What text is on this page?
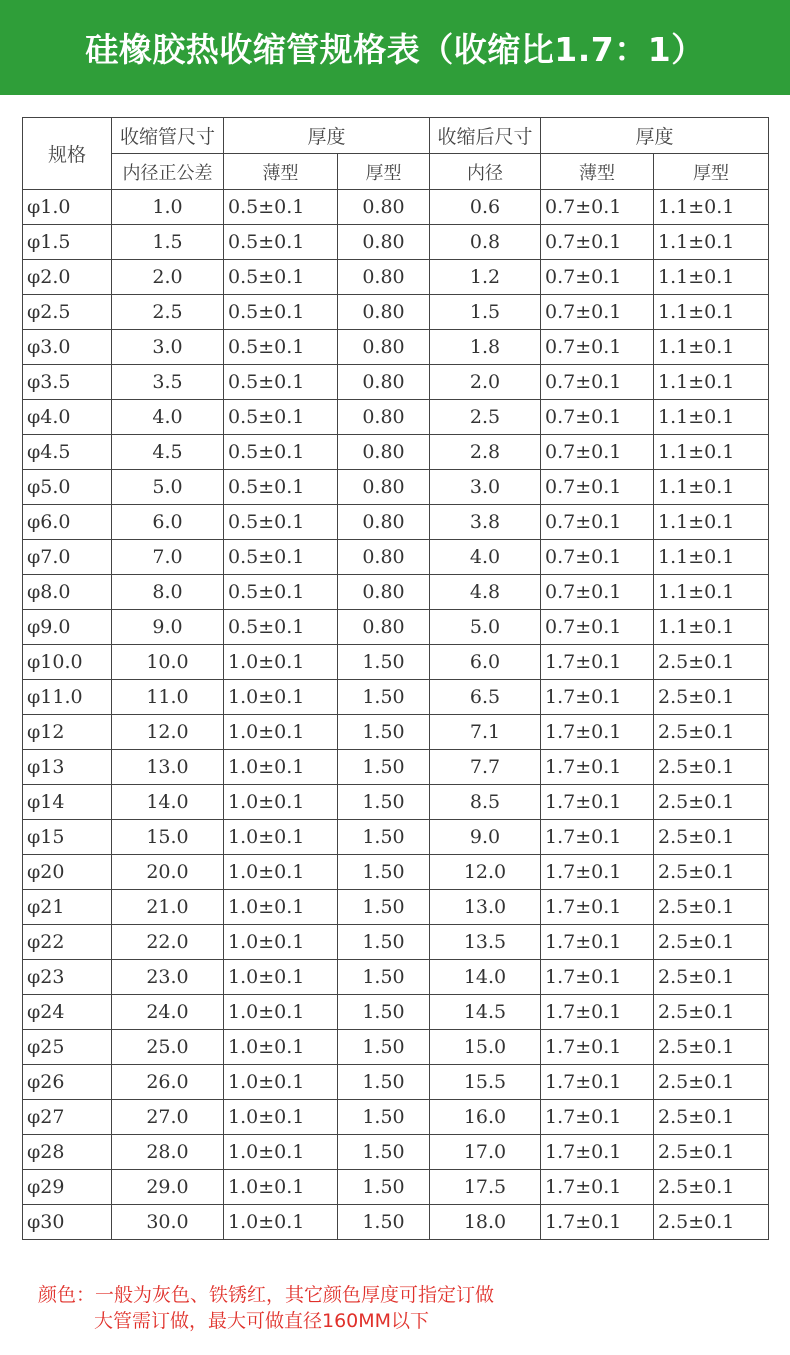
硅橡胶热收缩管规格表（收缩比1.7：1）
规格	收缩管尺寸	厚度		收缩后尺寸	厚度	
	内径正公差	薄型	厚型	内径	薄型	厚型
φ1.0	1.0	0.5±0.1	0.80	0.6	0.7±0.1	1.1±0.1
φ1.5	1.5	0.5±0.1	0.80	0.8	0.7±0.1	1.1±0.1
φ2.0	2.0	0.5±0.1	0.80	1.2	0.7±0.1	1.1±0.1
φ2.5	2.5	0.5±0.1	0.80	1.5	0.7±0.1	1.1±0.1
φ3.0	3.0	0.5±0.1	0.80	1.8	0.7±0.1	1.1±0.1
φ3.5	3.5	0.5±0.1	0.80	2.0	0.7±0.1	1.1±0.1
φ4.0	4.0	0.5±0.1	0.80	2.5	0.7±0.1	1.1±0.1
φ4.5	4.5	0.5±0.1	0.80	2.8	0.7±0.1	1.1±0.1
φ5.0	5.0	0.5±0.1	0.80	3.0	0.7±0.1	1.1±0.1
φ6.0	6.0	0.5±0.1	0.80	3.8	0.7±0.1	1.1±0.1
φ7.0	7.0	0.5±0.1	0.80	4.0	0.7±0.1	1.1±0.1
φ8.0	8.0	0.5±0.1	0.80	4.8	0.7±0.1	1.1±0.1
φ9.0	9.0	0.5±0.1	0.80	5.0	0.7±0.1	1.1±0.1
φ10.0	10.0	1.0±0.1	1.50	6.0	1.7±0.1	2.5±0.1
φ11.0	11.0	1.0±0.1	1.50	6.5	1.7±0.1	2.5±0.1
φ12	12.0	1.0±0.1	1.50	7.1	1.7±0.1	2.5±0.1
φ13	13.0	1.0±0.1	1.50	7.7	1.7±0.1	2.5±0.1
φ14	14.0	1.0±0.1	1.50	8.5	1.7±0.1	2.5±0.1
φ15	15.0	1.0±0.1	1.50	9.0	1.7±0.1	2.5±0.1
φ20	20.0	1.0±0.1	1.50	12.0	1.7±0.1	2.5±0.1
φ21	21.0	1.0±0.1	1.50	13.0	1.7±0.1	2.5±0.1
φ22	22.0	1.0±0.1	1.50	13.5	1.7±0.1	2.5±0.1
φ23	23.0	1.0±0.1	1.50	14.0	1.7±0.1	2.5±0.1
φ24	24.0	1.0±0.1	1.50	14.5	1.7±0.1	2.5±0.1
φ25	25.0	1.0±0.1	1.50	15.0	1.7±0.1	2.5±0.1
φ26	26.0	1.0±0.1	1.50	15.5	1.7±0.1	2.5±0.1
φ27	27.0	1.0±0.1	1.50	16.0	1.7±0.1	2.5±0.1
φ28	28.0	1.0±0.1	1.50	17.0	1.7±0.1	2.5±0.1
φ29	29.0	1.0±0.1	1.50	17.5	1.7±0.1	2.5±0.1
φ30	30.0	1.0±0.1	1.50	18.0	1.7±0.1	2.5±0.1
颜色：一般为灰色、铁锈红，其它颜色厚度可指定订做
大管需订做，最大可做直径160MM以下
